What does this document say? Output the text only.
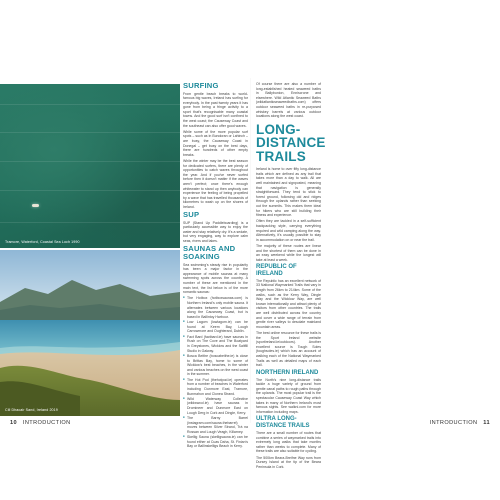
Tramore, Waterford, Coastal Sea Loch 1990
Cill Dhacair Sand, Ireland 2019
SURFING

From gentle beach breaks to world-famous big waves, Ireland has surfing for everybody. In the past twenty years it has gone from being a fringe activity to a sport that's recognisable many coastal towns. And the good surf isn't confined to the west coast; the Causeway Coast and the southeast can also offer good waves.

While some of the more popular surf spots – such as in Bundoran or Lahinch – are busy, the Causeway Coast in Donegal – get busy on the best days, there are hundreds of other empty breaks.

While the winter may be the best season for dedicated surfers, there are plenty of opportunities to catch waves throughout the year. And if you've never surfed before then it doesn't matter if the waves aren't perfect; once there's enough whitewater to stand up then anybody can experience the feeling of being propelled by a wave that has travelled thousands of kilometres to wash up on the shores of Ireland.

SUP

SUP (Stand Up Paddleboarding) is a particularly accessible way to enjoy the water and stay relatively dry. It's a sedate, but very engaging, way to explore calm seas, rivers and lakes.

SAUNAS AND SOAKING

Sea swimming's steady rise in popularity has been a major factor in the appearance of mobile saunas at many swimming spots across the country. A number of these are mentioned in the main text, the list below is of the more romantic saunas:

■ The Hotbox (hotboxsaunas.com) is Northern Ireland's only mobile sauna. It alternates between various locations along the Causeway Coast, but is based in Ballintoy Harbour.
■ Low Lagom (lowlagom.ie) can be found at Keem Bay, Lough Carrowmore and Oughterard, Dublin.
■ Fact Bard (factbard.ie) have saunas in Rush on The Cove and The Boatyard in Greystones, Wicklow and the Saltfill Studio in Galway.
■ Bosca Beithe (boscabeithe.ie) is close to Brittas Bay, home to some of Wicklow's best beaches, in the winter and various beaches on the west coast in the summer.
■ The Hot Pod (thehotpod.ie) operates from a number of beaches in Waterford including Dunmore East, Tramore, Bunmahon and Clonea Strand.
■ Wild Waterway Collective (wildwwcol.ie) have saunas in Dromineer and Dunmore East on Lough Derg in Cork and Dingle, Kerry.
■ The Barny Barrel (instagram.com/sauna.thebarrel) moves between Silver Strand, Trá na Rossan and Lough Veagh, Killarney.
■ Skellig Sauna (skelligsauna.ie) can be found either at Cuas Daha, St. Finian's Bay or Ballinskelligs Beach in Kerry.

Of course there are also a number of long-established heated seaweed baths in Ballybunion, Enniscrone and elsewhere. Wild Atlantic Seaweed Baths (wildatlanticseaweedbaths.com) offers outdoor seaweed baths in re-purposed whiskey barrels at various outdoor locations along the west coast.

LONG-DISTANCE TRAILS

Ireland is home to over fifty long-distance trails which are defined as any trail that takes more than a day to walk. All are well maintained and signposted, meaning that navigation is generally straightforward. They tend to stick to forest ground, following old and ridges through the uplands rather than seeking out the summits. This makes them ideal for hikers who are still building their fitness and experience.

Often they are tackled in a self-sufficient backpacking style, carrying everything required and wild camping along the way. Alternatively, it's usually possible to stay in accommodation on or near the trail.

The majority of these routes are linear and the shortest of them can be done in an easy weekend while the longest will take at least a week.

REPUBLIC OF IRELAND

The Republic has an excellent network of 33 National Waymarked Trails that vary in length from 26km to 214km. Some of the walks, such as the Kerry Way, Dingle Way and the Wicklow Way, are well known internationally and attract plenty of visitors from other countries. The trails are well distributed across the country and cover a wide range of terrain from gentle river valleys to desolate mainland mountain areas.

The best online resource for these trails is the Sport Ireland website (sportireland.ie/outdoors). Another excellent source is Tough Soles (toughsoles.ie) which has an account of walking each of the National Waymarked Trails as well as detailed maps of each trail.

NORTHERN IRELAND

The North's nine long-distance trails tackle a huge variety of ground from gentle canal paths to rough paths through the uplands. The most popular trail is the spectacular Causeway Coast Way which takes in many of Northern Ireland's most famous sights. See walkni.com for more information including maps.

ULTRA LONG-DISTANCE TRAILS

There are a small number of routes that combine a series of waymarked trails into extremely long walks that take months rather than weeks to complete. Many of these trails are also suitable for cycling.

The 500km Beara-Breifne Way runs from Dursey Island at the tip of the Beara Peninsula in Cork.

10 INTRODUCTION	INTRODUCTION 11
